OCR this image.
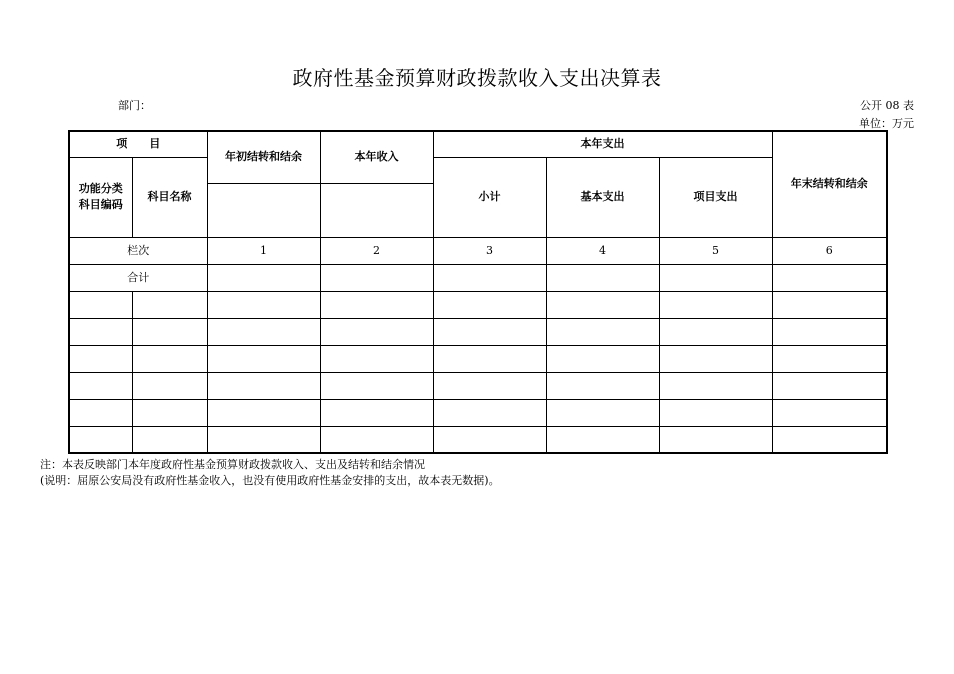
政府性基金预算财政拨款收入支出决算表
部门：	公开 08 表
单位：万元
项　　目		年初结转和结余	本年收入	本年支出			年末结转和结余
功能分类科目编码	科目名称			小计	基本支出	项目支出	

栏次		1	2	3	4	5	6
合计							

注：本表反映部门本年度政府性基金预算财政拨款收入、支出及结转和结余情况
(说明：屈原公安局没有政府性基金收入，也没有使用政府性基金安排的支出，故本表无数据)。
